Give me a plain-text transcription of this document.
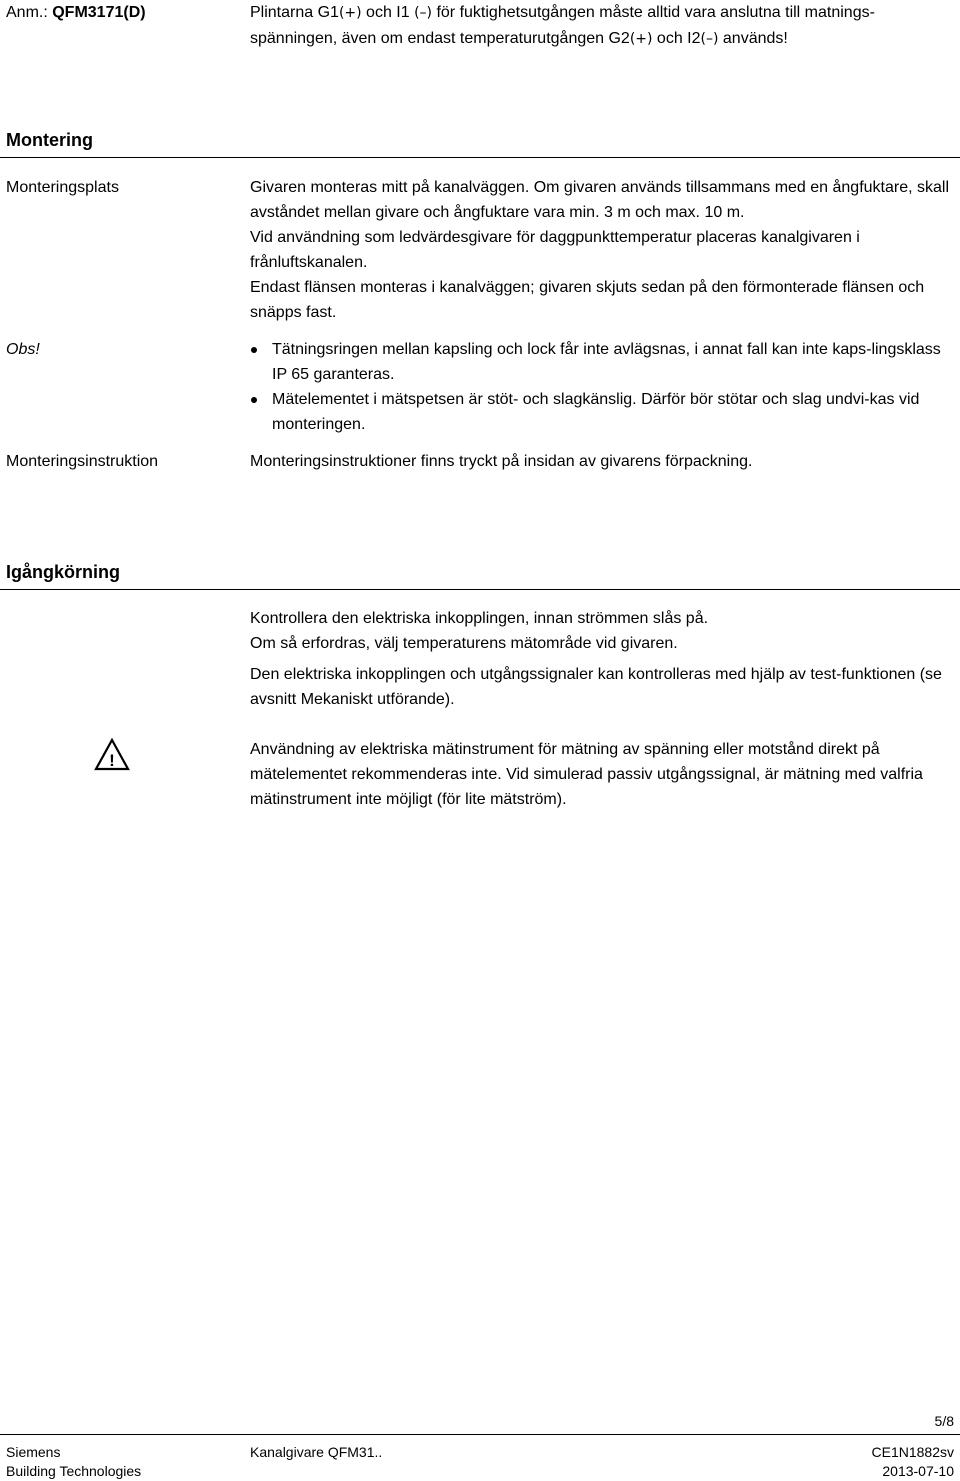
Anm.: QFM3171(D)	Plintarna G1(+) och I1 (–) för fuktighetsutgången måste alltid vara anslutna till matnings-
spänningen, även om endast temperaturutgången G2(+) och I2(–) används!
Montering
Monteringsplats	Givaren monteras mitt på kanalväggen. Om givaren används tillsammans med en ångfuktare, skall avståndet mellan givare och ångfuktare vara min. 3 m och max. 10 m.

Vid användning som ledvärdesgivare för daggpunkttemperatur placeras kanalgivaren i frånluftskanalen.

Endast flänsen monteras i kanalväggen; givaren skjuts sedan på den förmonterade flänsen och snäpps fast.

Obs!	Tätningsringen mellan kapsling och lock får inte avlägsnas, i annat fall kan inte kaps-lingsklass IP 65 garanteras.
Mätelementet i mätspetsen är stöt- och slagkänslig. Därför bör stötar och slag undvi-kas vid monteringen.
Monteringsinstruktion	Monteringsinstruktioner finns tryckt på insidan av givarens förpackning.
Igångkörning
Kontrollera den elektriska inkopplingen, innan strömmen slås på.
Om så erfordras, välj temperaturens mätområde vid givaren.
Den elektriska inkopplingen och utgångssignaler kan kontrolleras med hjälp av test-funktionen (se avsnitt Mekaniskt utförande).
!
Användning av elektriska mätinstrument för mätning av spänning eller motstånd direkt på mätelementet rekommenderas inte. Vid simulerad passiv utgångssignal, är mätning med valfria mätinstrument inte möjligt (för lite mätström).
5/8
Siemens
Building Technologies
Kanalgivare QFM31..	CE1N1882sv
2013-07-10
